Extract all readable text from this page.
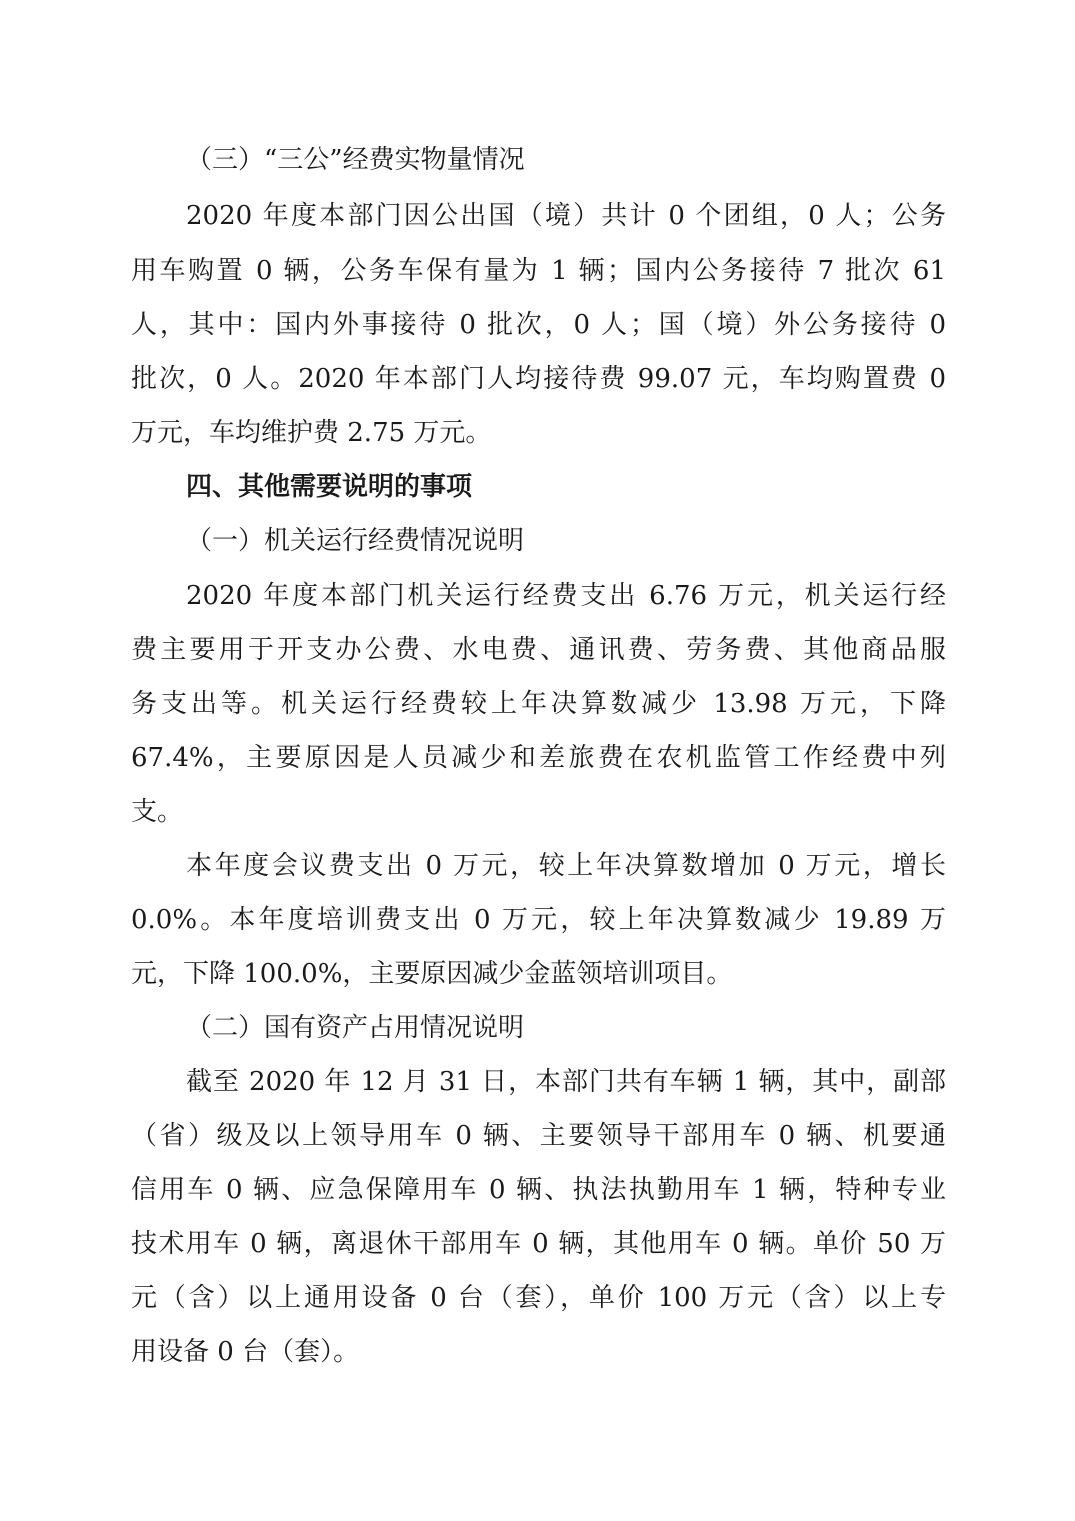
（三）“三公”经费实物量情况
2020 年度本部门因公出国（境）共计 0 个团组，0 人；公务
用车购置 0 辆，公务车保有量为 1 辆；国内公务接待 7 批次 61
人，其中：国内外事接待 0 批次，0 人；国（境）外公务接待 0
批次，0 人。2020 年本部门人均接待费 99.07 元，车均购置费 0
万元，车均维护费 2.75 万元。
四、其他需要说明的事项
（一）机关运行经费情况说明
2020 年度本部门机关运行经费支出 6.76 万元，机关运行经
费主要用于开支办公费、水电费、通讯费、劳务费、其他商品服
务支出等。机关运行经费较上年决算数减少 13.98 万元，下降
67.4%，主要原因是人员减少和差旅费在农机监管工作经费中列
支。
本年度会议费支出 0 万元，较上年决算数增加 0 万元，增长
0.0%。本年度培训费支出 0 万元，较上年决算数减少 19.89 万
元，下降 100.0%，主要原因减少金蓝领培训项目。
（二）国有资产占用情况说明
截至 2020 年 12 月 31 日，本部门共有车辆 1 辆，其中，副部
（省）级及以上领导用车 0 辆、主要领导干部用车 0 辆、机要通
信用车 0 辆、应急保障用车 0 辆、执法执勤用车 1 辆，特种专业
技术用车 0 辆，离退休干部用车 0 辆，其他用车 0 辆。单价 50 万
元（含）以上通用设备 0 台（套），单价 100 万元（含）以上专
用设备 0 台（套）。
